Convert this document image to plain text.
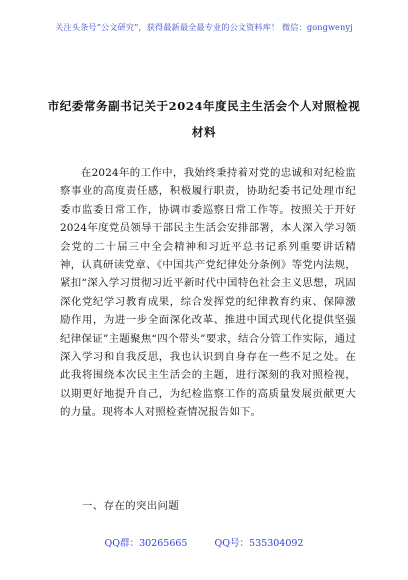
关注头条号“公文研究”，获得最新最全最专业的公文资料库！ 微信：gongwenyj
市纪委常务副书记关于2024年度民主生活会个人对照检视
材料

在2024年的工作中，我始终秉持着对党的忠诚和对纪检监察事业的高度责任感，积极履行职责，协助纪委书记处理市纪委市监委日常工作，协调市委巡察日常工作等。按照关于开好2024年度党员领导干部民主生活会安排部署，本人深入学习领会党的二十届三中全会精神和习近平总书记系列重要讲话精神，认真研读党章、《中国共产党纪律处分条例》等党内法规，紧扣“深入学习贯彻习近平新时代中国特色社会主义思想，巩固深化党纪学习教育成果，综合发挥党的纪律教育约束、保障激励作用，为进一步全面深化改革、推进中国式现代化提供坚强纪律保证”主题聚焦“四个带头”要求，结合分管工作实际，通过深入学习和自我反思，我也认识到自身存在一些不足之处。在此我将围绕本次民主生活会的主题，进行深刻的我对照检视，以期更好地提升自己，为纪检监察工作的高质量发展贡献更大的力量。现将本人对照检查情况报告如下。

一、存在的突出问题
QQ群：30265665	QQ号：535304092
